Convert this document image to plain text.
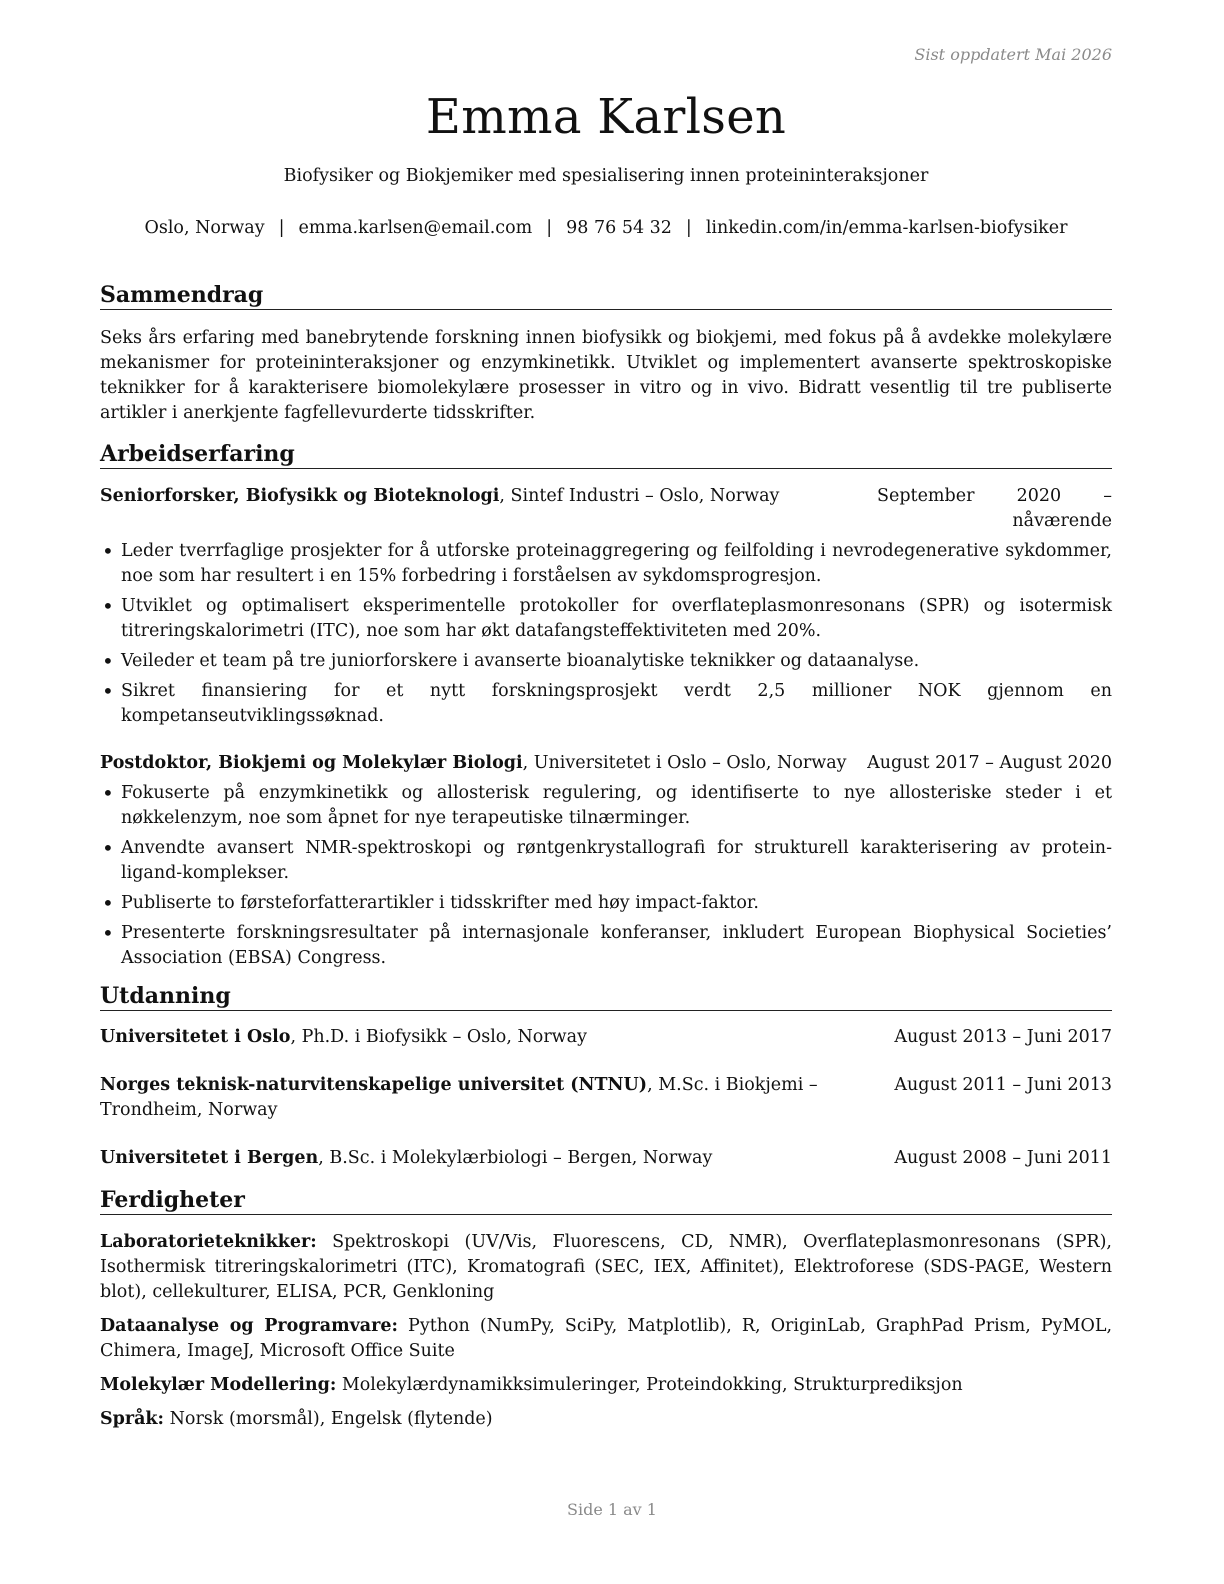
Sist oppdatert Mai 2026
Emma Karlsen
Biofysiker og Biokjemiker med spesialisering innen proteininteraksjoner
Oslo, Norway | emma.karlsen@email.com | 98 76 54 32 | linkedin.com/in/emma-karlsen-biofysiker
Sammendrag
Seks års erfaring med banebrytende forskning innen biofysikk og biokjemi, med fokus på å avdekke molekylære mekanismer for proteininteraksjoner og enzymkinetikk. Utviklet og implementert avanserte spektroskopiske teknikker for å karakterisere biomolekylære prosesser in vitro og in vivo. Bidratt vesentlig til tre publiserte artikler i anerkjente fagfellevurderte tidsskrifter.
Arbeidserfaring
Seniorforsker, Biofysikk og Bioteknologi, Sintef Industri – Oslo, Norway	September 2020 – nåværende
• Leder tverrfaglige prosjekter for å utforske proteinaggregering og feilfolding i nevrodegenerative sykdommer, noe som har resultert i en 15% forbedring i forståelsen av sykdomsprogresjon.
• Utviklet og optimalisert eksperimentelle protokoller for overflateplasmonresonans (SPR) og isotermisk titreringskalorimetri (ITC), noe som har økt datafangsteffektiviteten med 20%.
• Veileder et team på tre juniorforskere i avanserte bioanalytiske teknikker og dataanalyse.
• Sikret finansiering for et nytt forskningsprosjekt verdt 2,5 millioner NOK gjennom en kompetanseutviklingssøknad.
Postdoktor, Biokjemi og Molekylær Biologi, Universitetet i Oslo – Oslo, Norway	August 2017 – August 2020
• Fokuserte på enzymkinetikk og allosterisk regulering, og identifiserte to nye allosteriske steder i et nøkkelenzym, noe som åpnet for nye terapeutiske tilnærminger.
• Anvendte avansert NMR-spektroskopi og røntgenkrystallografi for strukturell karakterisering av protein-ligand-komplekser.
• Publiserte to førsteforfatterartikler i tidsskrifter med høy impact-faktor.
• Presenterte forskningsresultater på internasjonale konferanser, inkludert European Biophysical Societies’ Association (EBSA) Congress.
Utdanning
Universitetet i Oslo, Ph.D. i Biofysikk – Oslo, Norway	August 2013 – Juni 2017
Norges teknisk-naturvitenskapelige universitet (NTNU), M.Sc. i Biokjemi – Trondheim, Norway
August 2011 – Juni 2013
Universitetet i Bergen, B.Sc. i Molekylærbiologi – Bergen, Norway	August 2008 – Juni 2011
Ferdigheter
Laboratorieteknikker: Spektroskopi (UV/Vis, Fluorescens, CD, NMR), Overflateplasmonresonans (SPR), Isothermisk titreringskalorimetri (ITC), Kromatografi (SEC, IEX, Affinitet), Elektroforese (SDS-PAGE, Western blot), cellekulturer, ELISA, PCR, Genkloning
Dataanalyse og Programvare: Python (NumPy, SciPy, Matplotlib), R, OriginLab, GraphPad Prism, PyMOL, Chimera, ImageJ, Microsoft Office Suite
Molekylær Modellering: Molekylærdynamikksimuleringer, Proteindokking, Strukturprediksjon
Språk: Norsk (morsmål), Engelsk (flytende)
Side 1 av 1
